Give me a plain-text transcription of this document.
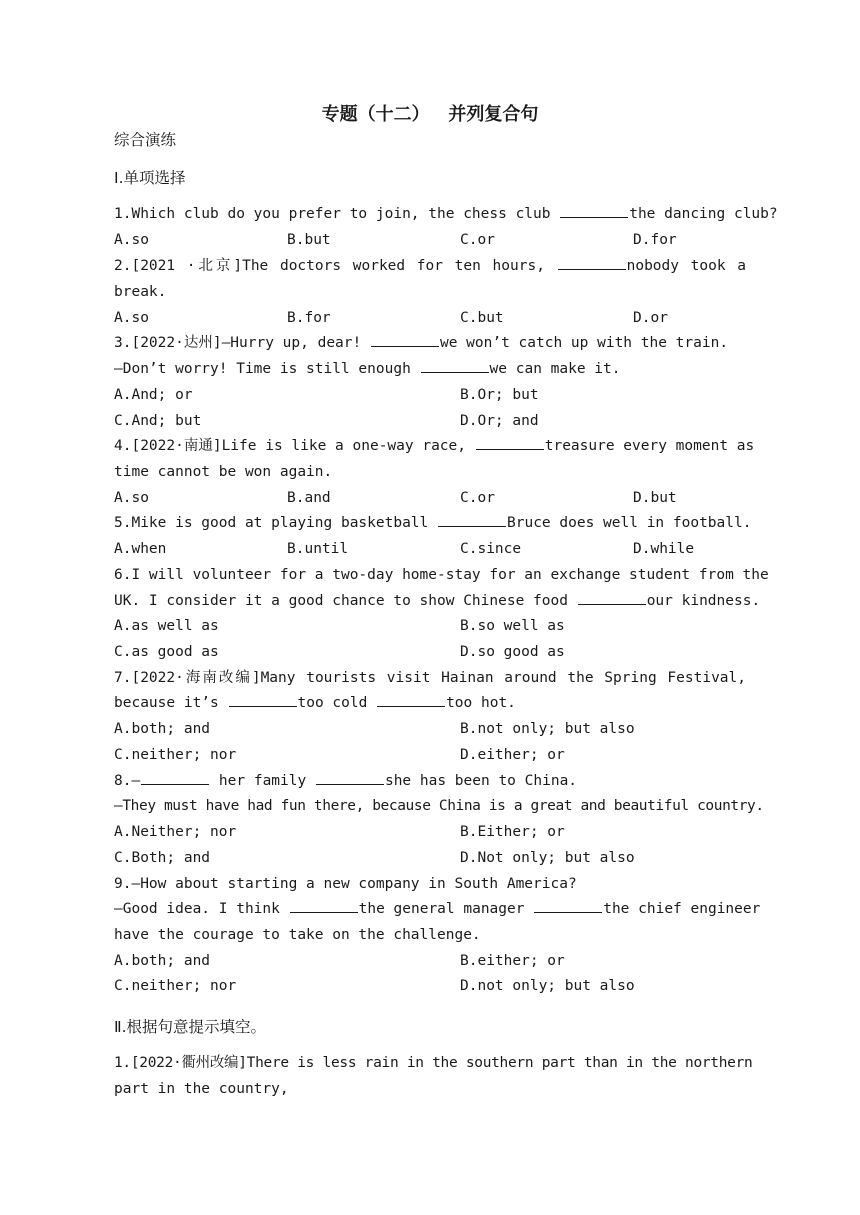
专题（十二）   并列复合句
综合演练
Ⅰ.单项选择
1.Which club do you prefer to join, the chess club	the dancing club?
A.so	B.but	C.or	D.for
2.[2021 ·北京]The doctors worked for ten hours,	nobody took a
break.
A.so	B.for	C.but	D.or
3.[2022·达州]—Hurry up, dear!	we won’t catch up with the train.
—Don’t worry! Time is still enough	we can make it.
A.And; or	B.Or; but
C.And; but	D.Or; and
4.[2022·南通]Life is like a one-way race,	treasure every moment as
time cannot be won again.
A.so	B.and	C.or	D.but
5.Mike is good at playing basketball	Bruce does well in football.
A.when	B.until	C.since	D.while
6.I will volunteer for a two-day home-stay for an exchange student from the
UK. I consider it a good chance to show Chinese food	our kindness.
A.as well as	B.so well as
C.as good as	D.so good as
7.[2022·海南改编]Many tourists visit Hainan around the Spring Festival,
because it’s	too cold	too hot.
A.both; and	B.not only; but also
C.neither; nor	D.either; or
8.—	her family	she has been to China.
—They must have had fun there, because China is a great and beautiful country.
A.Neither; nor	B.Either; or
C.Both; and	D.Not only; but also
9.—How about starting a new company in South America?
—Good idea. I think	the general manager	the chief engineer
have the courage to take on the challenge.
A.both; and	B.either; or
C.neither; nor	D.not only; but also
Ⅱ.根据句意提示填空。
1.[2022·衢州改编]There is less rain in the southern part than in the northern
part in the country,
